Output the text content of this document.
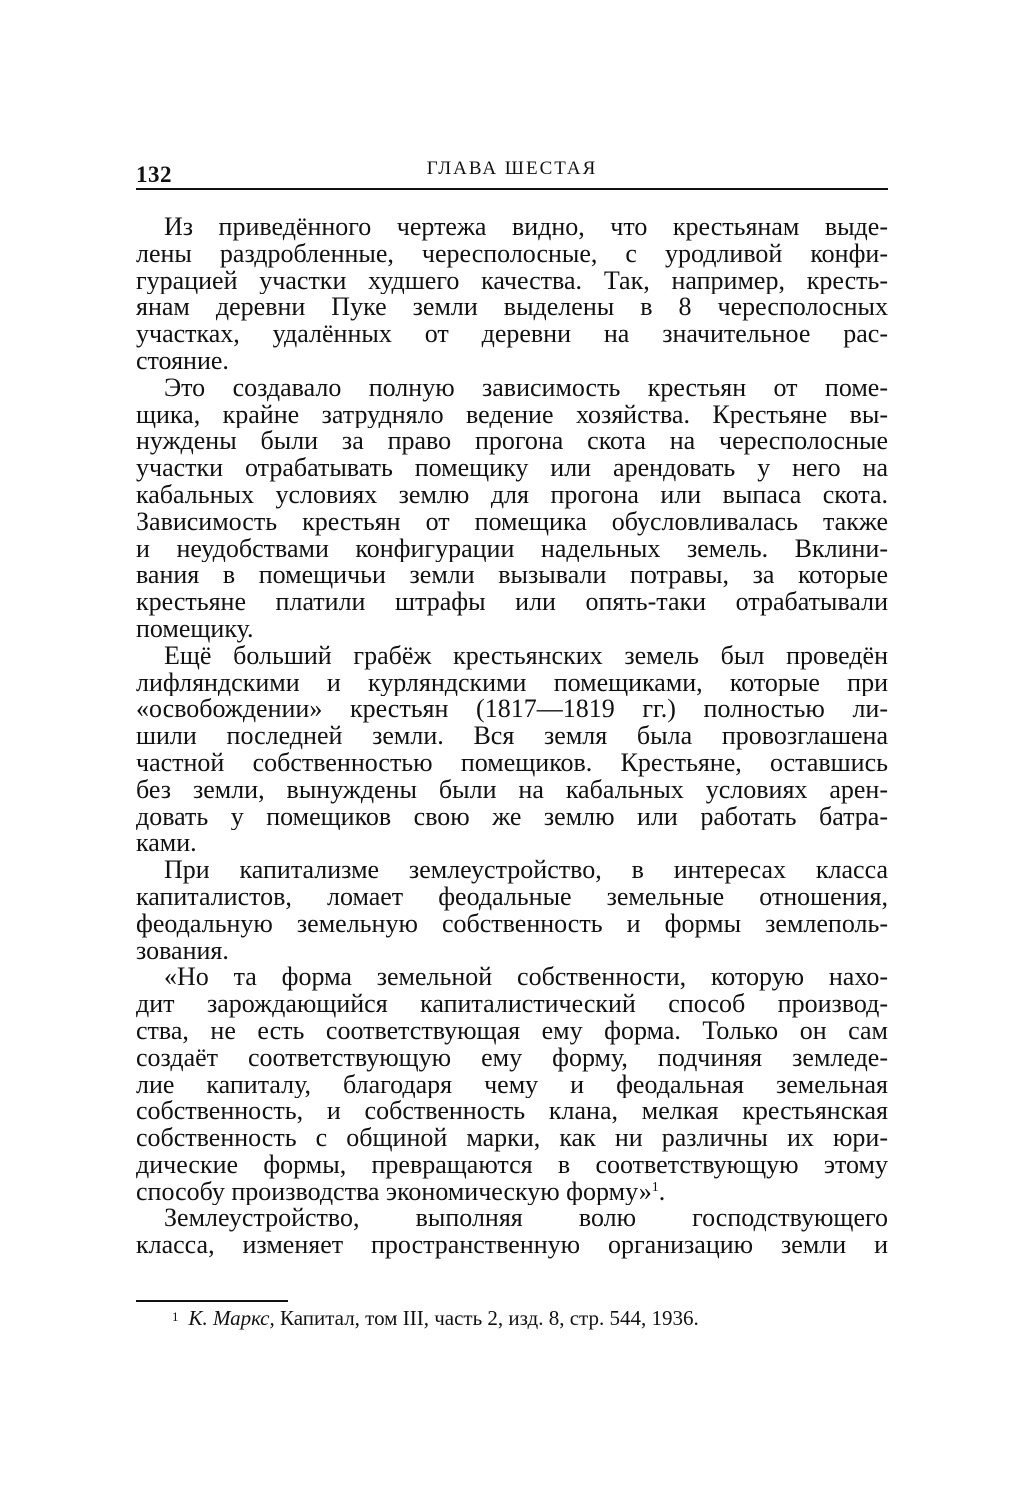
132	ГЛАВА ШЕСТАЯ

Из приведённого чертежа видно, что крестьянам выде-
лены раздробленные, чересполосные, с уродливой конфи-
гурацией участки худшего качества. Так, например, кресть-
янам деревни Пуке земли выделены в 8 чересполосных
участках, удалённых от деревни на значительное рас-
стояние.

Это создавало полную зависимость крестьян от поме-
щика, крайне затрудняло ведение хозяйства. Крестьяне вы-
нуждены были за право прогона скота на чересполосные
участки отрабатывать помещику или арендовать у него на
кабальных условиях землю для прогона или выпаса скота.
Зависимость крестьян от помещика обусловливалась также
и неудобствами конфигурации надельных земель. Вклини-
вания в помещичьи земли вызывали потравы, за которые
крестьяне платили штрафы или опять-таки отрабатывали
помещику.

Ещё больший грабёж крестьянских земель был проведён
лифляндскими и курляндскими помещиками, которые при
«освобождении» крестьян (1817—1819 гг.) полностью ли-
шили последней земли. Вся земля была провозглашена
частной собственностью помещиков. Крестьяне, оставшись
без земли, вынуждены были на кабальных условиях арен-
довать у помещиков свою же землю или работать батра-
ками.

При капитализме землеустройство, в интересах класса
капиталистов, ломает феодальные земельные отношения,
феодальную земельную собственность и формы землеполь-
зования.

«Но та форма земельной собственности, которую нахо-
дит зарождающийся капиталистический способ производ-
ства, не есть соответствующая ему форма. Только он сам
создаёт соответствующую ему форму, подчиняя земледе-
лие капиталу, благодаря чему и феодальная земельная
собственность, и собственность клана, мелкая крестьянская
собственность с общиной марки, как ни различны их юри-
дические формы, превращаются в соответствующую этому
способу производства экономическую форму»$^1$.

Землеустройство, выполняя волю господствующего
класса, изменяет пространственную организацию земли и

1 К. Маркс, Капитал, том III, часть 2, изд. 8, стр. 544, 1936.
